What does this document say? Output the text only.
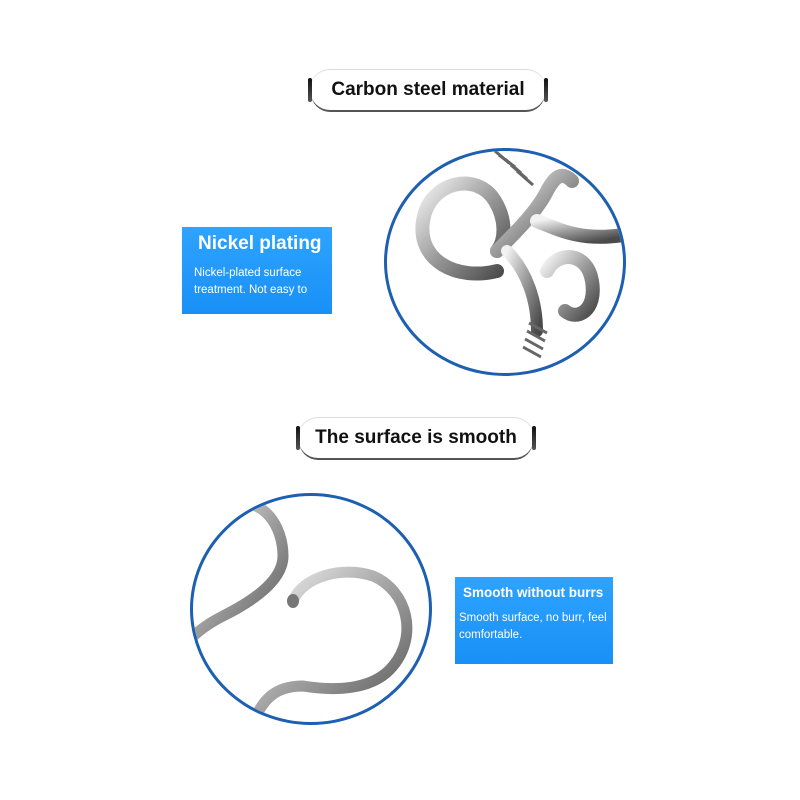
Carbon steel material
Nickel plating
Nickel-plated surface treatment. Not easy to
The surface is smooth
Smooth without burrs
Smooth surface, no burr, feel comfortable.
